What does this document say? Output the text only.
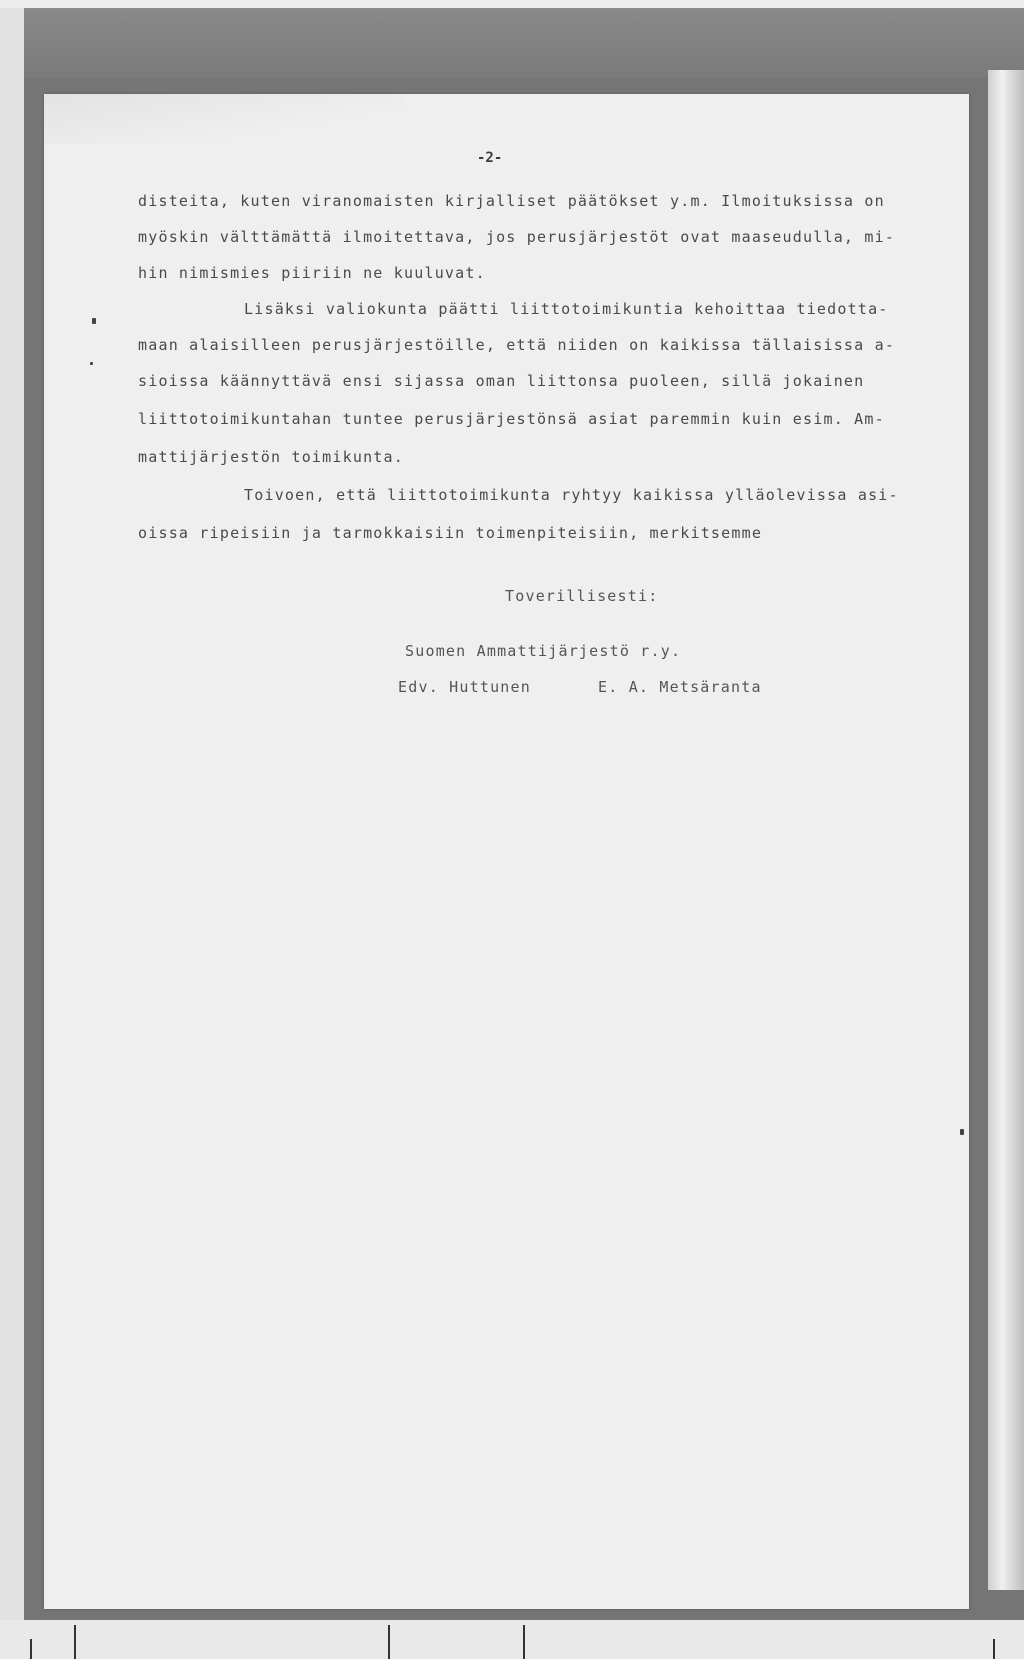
-2-
disteita, kuten viranomaisten kirjalliset päätökset y.m. Ilmoituksissa on
myöskin välttämättä ilmoitettava, jos perusjärjestöt ovat maaseudulla, mi-
hin nimismies piiriin ne kuuluvat.
Lisäksi valiokunta päätti liittotoimikuntia kehoittaa tiedotta-
maan alaisilleen perusjärjestöille, että niiden on kaikissa tällaisissa a-
sioissa käännyttävä ensi sijassa oman liittonsa puoleen, sillä jokainen
liittotoimikuntahan tuntee perusjärjestönsä asiat paremmin kuin esim. Am-
mattijärjestön toimikunta.
Toivoen, että liittotoimikunta ryhtyy kaikissa ylläolevissa asi-
oissa ripeisiin ja tarmokkaisiin toimenpiteisiin, merkitsemme
Toverillisesti:
Suomen Ammattijärjestö r.y.
Edv. Huttunen	E. A. Metsäranta
